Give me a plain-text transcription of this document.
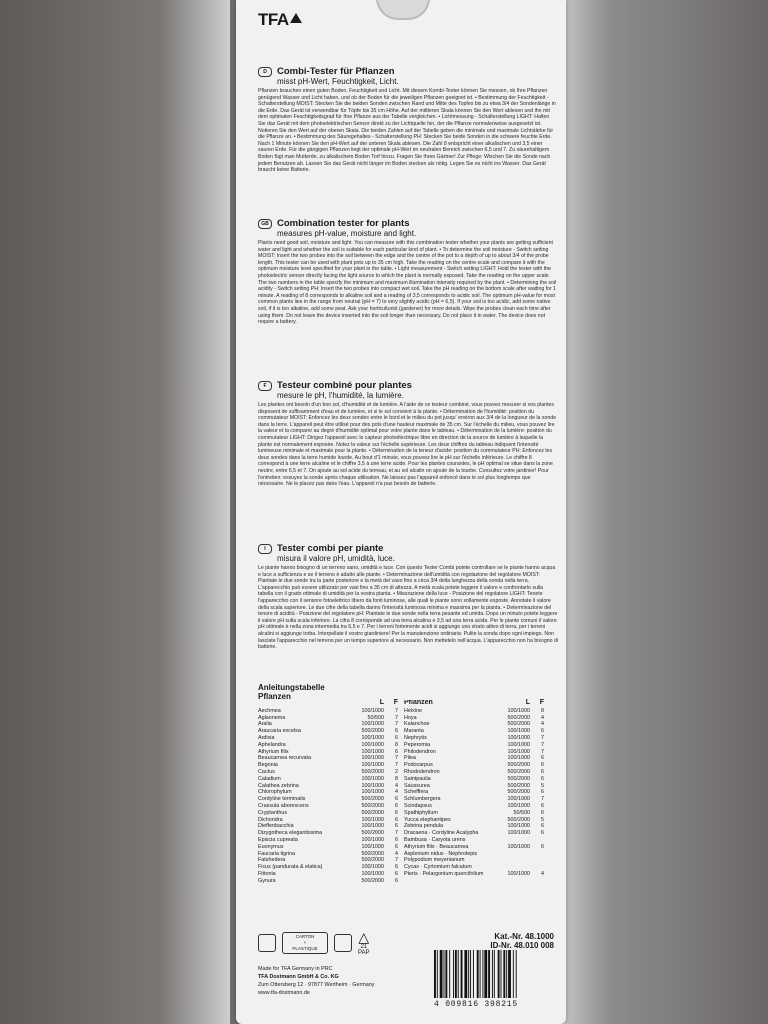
TFA
D	Combi-Tester für Pflanzen
misst pH-Wert, Feuchtigkeit, Licht.
Pflanzen brauchen einen guten Boden, Feuchtigkeit und Licht. Mit diesem Kombi-Tester können Sie messen, ob Ihre Pflanzen genügend Wasser und Licht haben, und ob der Boden für die jeweiligen Pflanzen geeignet ist. • Bestimmung der Feuchtigkeit - Schalterstellung MOIST: Stecken Sie die beiden Sonden zwischen Rand und Mitte des Topfes bis zu etwa 3/4 der Sondenlänge in die Erde. Das Gerät ist verwendbar für Töpfe bis 35 cm Höhe. Auf der mittleren Skala können Sie den Wert ablesen und ihn mit dem optimalen Feuchtigkeitsgrad für Ihre Pflanze aus der Tabelle vergleichen. • Lichtmessung - Schalterstellung LIGHT: Halten Sie das Gerät mit dem photoelektrischen Sensor direkt zu der Lichtquelle hin, der die Pflanze normalerweise ausgesetzt ist. Notieren Sie den Wert auf der oberen Skala. Die beiden Zahlen auf der Tabelle geben die minimale und maximale Lichtstärke für die Pflanze an. • Bestimmung des Säuregehaltes - Schalterstellung PH: Stecken Sie beide Sonden in die schwere feuchte Erde. Nach 1 Minute können Sie den pH-Wert auf der unteren Skala ablesen. Die Zahl 8 entspricht einer alkalischen und 3,5 einer sauren Erde. Für die gängigen Pflanzen liegt der optimale pH-Wert im neutralen Bereich zwischen 6,5 und 7. Zu säurehaltigem Boden fügt man Mutterde, zu alkalischem Boden Torf hinzu. Fragen Sie Ihren Gärtner! Zur Pflege: Wischen Sie die Sonde nach jedem Benutzen ab. Lassen Sie das Gerät nicht länger im Boden stecken als nötig. Legen Sie es nicht ins Wasser. Das Gerät braucht keine Batterie.
GB Combination tester for plants
measures pH-value, moisture and light.
Plants need good soil, moisture and light. You can measure with this combination tester whether your plants are getting sufficient water and light and whether the soil is suitable for each particular kind of plant. • To determine the soil moisture - Switch setting MOIST: Insert the two probes into the soil between the edge and the centre of the pot to a depth of up to about 3/4 of the probe length. This tester can be used with plant pots up to 35 cm high. Take the reading on the centre scale and compare it with the optimum moisture level specified for your plant in the table. • Light measurement - Switch setting LIGHT: Hold the tester with the photoelectric sensor directly facing the light source to which the plant is normally exposed. Take the reading on the upper scale. The two numbers in the table specify the minimum and maximum illumination intensity required by the plant. • Determining the soil acidity - Switch setting PH: Insert the two probes into compact wet soil. Take the pH reading on the bottom scale after waiting for 1 minute. A reading of 8 corresponds to alkaline soil and a reading of 3,5 corresponds to acidic soil. The optimum pH-value for most common plants lies in the range from neutral (pH = 7) to very slightly acidic (pH = 6,5). If your soil is too acidic, add some native soil, if it is too alkaline, add some peat. Ask your horticulturist (gardener) for more details. Wipe the probes clean each time after using them. Do not leave the device inserted into the soil longer than necessary. Do not place it in water. The device does not require a battery.
F	Testeur combiné pour plantes
mesure le pH, l'humidité, la lumière.
Les plantes ont besoin d'un bon sol, d'humidité et de lumière. A l'aide de ce testeur combiné, vous pouvez mesurer si vos plantes disposent de suffisamment d'eau et de lumière, et si le sol convient à la plante. • Détermination de l'humidité: position du commutateur MOIST: Enfoncez les deux sondes entre le bord et le milieu du pot jusqu' environ aux 3/4 de la longueur de la sonde dans la terre. L'appareil peut être utilisé pour des pots d'une hauteur maximale de 35 cm. Sur l'échelle du milieu, vous pouvez lire la valeur et la comparer au degré d'humidité optimal pour votre plante dans le tableau. • Détermination de la lumière: position du commutateur LIGHT: Dirigez l'appareil avec le capteur photoélectrique libre en direction de la source de lumière à laquelle la plante est normalement exposée. Notez la valeur sur l'échelle supérieure. Les deux chiffres du tableau indiquent l'intensité lumineuse minimale et maximale pour la plante. • Détermination de la teneur d'acide: position du commutateur PH: Enfoncez les deux sondes dans la terre humide lourde. Au bout d'1 minute, vous pouvez lire le pH sur l'échelle inférieure. Le chiffre 8 correspond à une terre alcaline et le chiffre 3,5 à une terre acide. Pour les plantes courantes, le pH optimal se situe dans la zone neutre, entre 6,5 et 7. On ajoute au sol acide du terreau, et au sol alcalin on ajoute de la tourbe. Consultez votre jardinier! Pour l'entretien: essuyez la sonde après chaque utilisation. Ne laissez pas l'appareil enfoncé dans le sol plus longtemps que nécessaire. Ne le placez pas dans l'eau. L'appareil n'a pas besoin de batterie.
I	Tester combi per piante
misura il valore pH, umidità, luce.
Le piante hanno bisogno di un terreno sano, umidità e luce. Con questo Tester Combi potete controllare se le piante hanno acqua e luce a sufficienza e se il terreno è adatto alle piante. • Determinazione dell'umidità con regolazione del regolatore MOIST: Piantate le due sonde tra la parte posteriore e la metà del vaso fino a circa 3/4 della lunghezza della sonda nella terra. L'apparecchio può essere utilizzato per vasi fino a 35 cm di altezza. A metà scala potete leggere il valore e confrontarlo sulla tabella con il grado ottimale di umidità per la vostra pianta. • Misurazione della luce - Posizione del regolatore LIGHT: Tenete l'apparecchio con il sensore fotoelettrico libero da fonti luminose, alle quali le piante sono sollamente esposte. Annotate il valore della scala superiore. Le due cifre della tabella danno l'intensità luminosa minima e massima per la pianta. • Determinazione del tenore di acidità - Posizione del regolatore pH: Piantate le due sonde nella terra pesante ed umida. Dopo un minuto potete leggere il valore pH sulla scala inferiore. La cifra 8 corrisponde ad una terra alcalina e 3,5 ad una terra acida. Per le piante comuni il valore pH ottimale è nella zona intermedia tra 6,5 e 7. Per i terreni fortemente acidi si aggiunge uno strato attivo di terra, per i terreni alcalini si aggiunge torba. Interpellate il vostro giardiniere! Per la manutenzione ordinaria: Pulite la sonda dopo ogni impiego. Non lasciate l'apparecchio nel terreno per un tempo superiore al necessario. Non mettetelo nell'acqua. L'apparecchio non ha bisogno di batterie.
Anleitungstabelle
Pflanzen
L	F
Aechmea	100/1000	7
Aglaonema	50/500	7
Aralia	100/1000	7
Araucaria excelsa	500/2000	6
Ardisia	100/1000	6
Aphelandra	100/1000	8
Athyrium filix	100/1000	6
Beaucarnea recurvata	100/1000	7
Begonia	100/1000	7
Cactus	500/2000	2
Caladium	100/1000	8
Calathea zebrina	100/1000	4
Chlorophytum	100/1000	4
Cordyline terminalis	500/2000	6
Crassula aborescens	500/2000	6
Cryptanthus	500/2000	6
Dichondra	100/1000	6
Dieffenbacchia	100/1000	6
Dizygotheca elegantissima	500/2000	7
Episcia cupreata	100/1000	6
Euonymus	100/1000	6
Faucaria tigrina	500/2000	4
Fatshedera	500/2000	7
Ficus (pandurata & elatica)	100/1000	6
Fittonia	100/1000	6
Gynura	500/2000	6
Pflanzen	L	F
Helxine	100/1000	8
Hoya	500/2000	4
Kalanchoe	500/2000	4
Maranta	100/1000	6
Nephrytis	100/1000	7
Peperomia	100/1000	7
Philodendron	100/1000	7
Pilea	100/1000	6
Podocarpus	500/2000	6
Rhododendron	500/2000	6
Saintpaulia	500/2000	6
Saussurea	500/2000	5
Schefflera	500/2000	6
Schlumbergera	100/1000	7
Scindapsus	100/1000	6
Spathiphyllum	50/500	6
Yucca elephantipes	500/2000	5
Zebrina pendula	100/1000	6
Dracaena · Cordyline Acalypha	100/1000	6
Bambusa · Caryota urens
Athyrium filix · Beaucarnea	100/1000	6
Asplenium nidus · Nephrolepis
Polypodium meyenianum
Cycas · Cyrtomium falcatum
Pteris · Pelargonium quercifolium	100/1000	4
CARTON
+
PLASTIQUE
△
21
PAP
Kat.-Nr. 48.1000
ID-Nr. 48.010 008
Made for TFA Germany in PRC
TFA Dostmann GmbH & Co. KG
Zum Ottersberg 12 · 97877 Wertheim · Germany
www.tfa-dostmann.de
4 009816 398215
